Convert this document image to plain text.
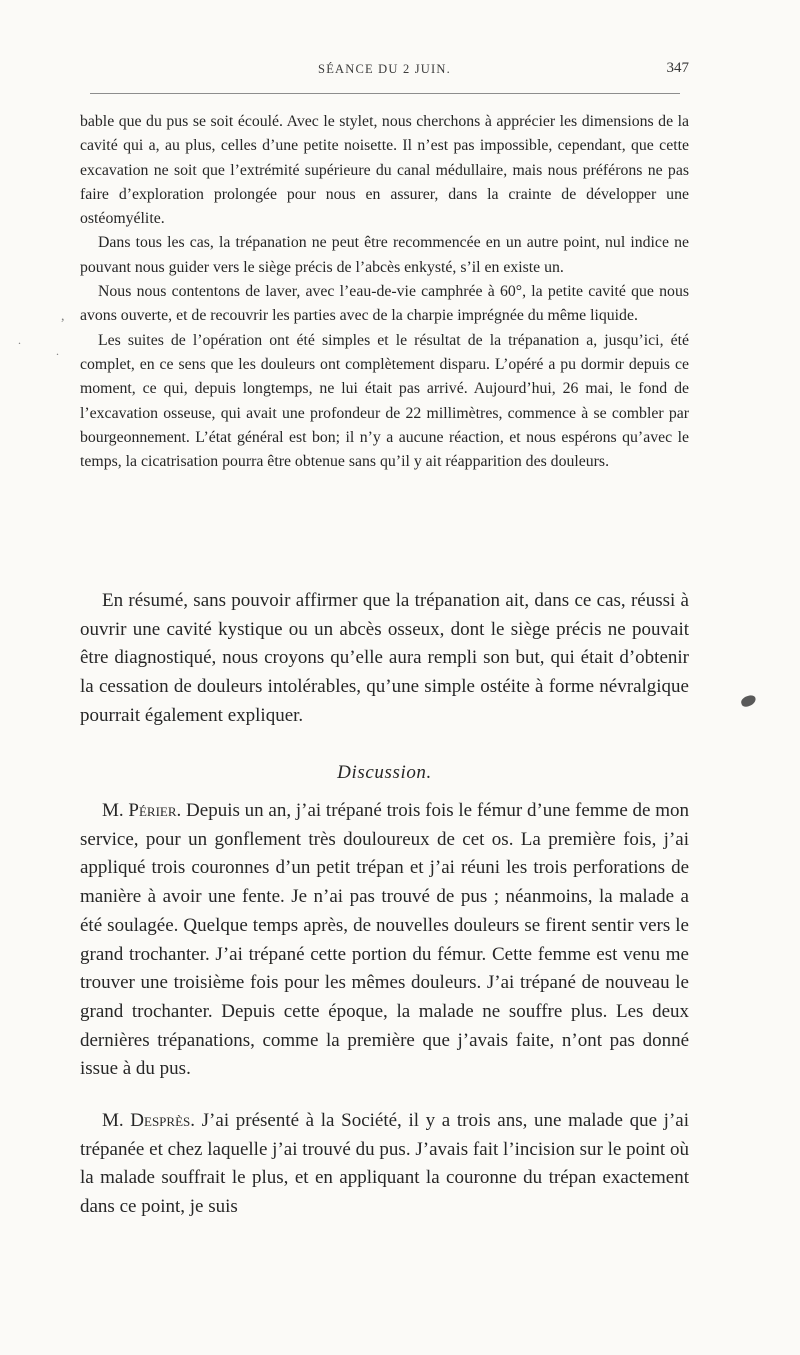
SÉANCE DU 2 JUIN.	347

bable que du pus se soit écoulé. Avec le stylet, nous cherchons à apprécier les dimensions de la cavité qui a, au plus, celles d’une petite noisette. Il n’est pas impossible, cependant, que cette excavation ne soit que l’extrémité supérieure du canal médullaire, mais nous préférons ne pas faire d’exploration prolongée pour nous en assurer, dans la crainte de développer une ostéomyélite.

Dans tous les cas, la trépanation ne peut être recommencée en un autre point, nul indice ne pouvant nous guider vers le siège précis de l’abcès enkysté, s’il en existe un.

Nous nous contentons de laver, avec l’eau-de-vie camphrée à 60°, la petite cavité que nous avons ouverte, et de recouvrir les parties avec de la charpie imprégnée du même liquide.

Les suites de l’opération ont été simples et le résultat de la trépanation a, jusqu’ici, été complet, en ce sens que les douleurs ont complètement disparu. L’opéré a pu dormir depuis ce moment, ce qui, depuis longtemps, ne lui était pas arrivé. Aujourd’hui, 26 mai, le fond de l’excavation osseuse, qui avait une profondeur de 22 millimètres, commence à se combler par bourgeonnement. L’état général est bon; il n’y a aucune réaction, et nous espérons qu’avec le temps, la cicatrisation pourra être obtenue sans qu’il y ait réapparition des douleurs.

En résumé, sans pouvoir affirmer que la trépanation ait, dans ce cas, réussi à ouvrir une cavité kystique ou un abcès osseux, dont le siège précis ne pouvait être diagnostiqué, nous croyons qu’elle aura rempli son but, qui était d’obtenir la cessation de douleurs intolérables, qu’une simple ostéite à forme névralgique pourrait également expliquer.

Discussion.

M. Périer. Depuis un an, j’ai trépané trois fois le fémur d’une femme de mon service, pour un gonflement très douloureux de cet os. La première fois, j’ai appliqué trois couronnes d’un petit trépan et j’ai réuni les trois perforations de manière à avoir une fente. Je n’ai pas trouvé de pus ; néanmoins, la malade a été soulagée. Quelque temps après, de nouvelles douleurs se firent sentir vers le grand trochanter. J’ai trépané cette portion du fémur. Cette femme est venu me trouver une troisième fois pour les mêmes douleurs. J’ai trépané de nouveau le grand trochanter. Depuis cette époque, la malade ne souffre plus. Les deux dernières trépanations, comme la première que j’avais faite, n’ont pas donné issue à du pus.

M. Desprès. J’ai présenté à la Société, il y a trois ans, une malade que j’ai trépanée et chez laquelle j’ai trouvé du pus. J’avais fait l’incision sur le point où la malade souffrait le plus, et en appliquant la couronne du trépan exactement dans ce point, je suis

,
.
.
